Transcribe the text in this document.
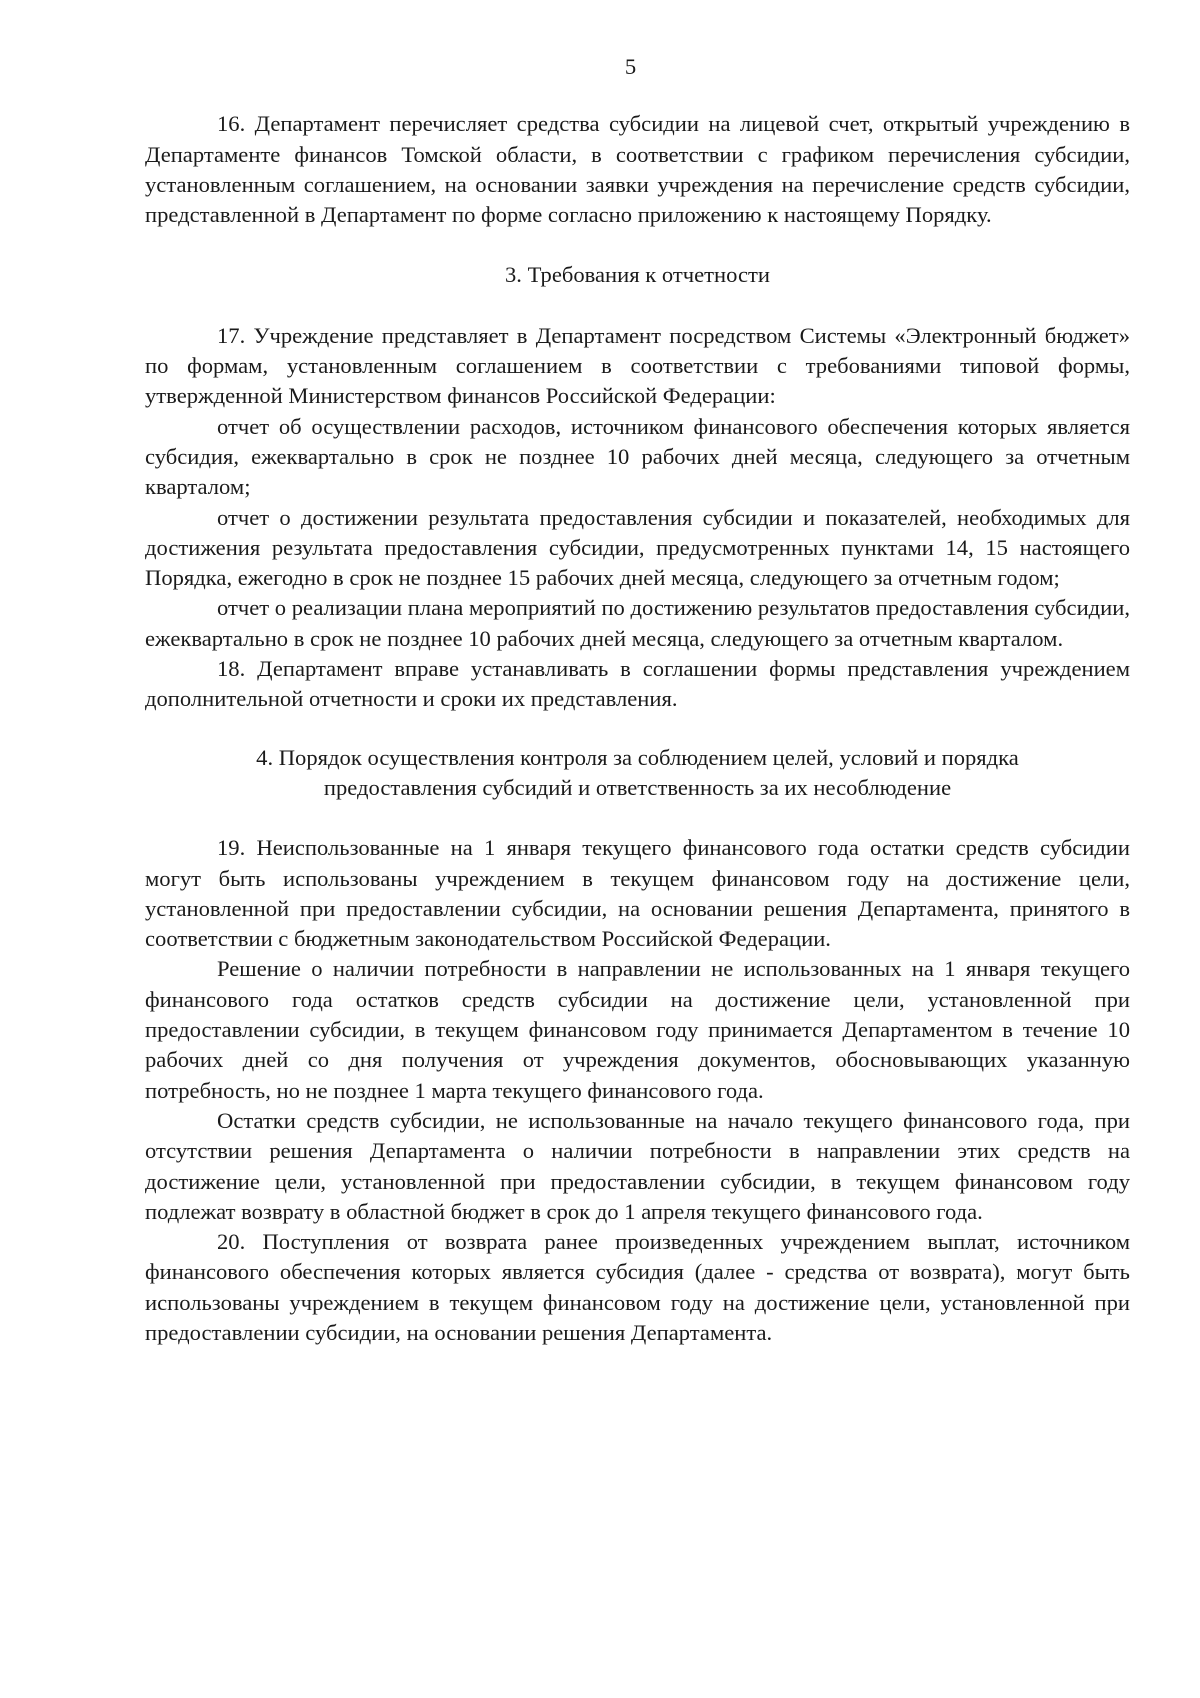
5

16. Департамент перечисляет средства субсидии на лицевой счет, открытый учреждению в Департаменте финансов Томской области, в соответствии с графиком перечисления субсидии, установленным соглашением, на основании заявки учреждения на перечисление средств субсидии, представленной в Департамент по форме согласно приложению к настоящему Порядку.

3. Требования к отчетности

17. Учреждение представляет в Департамент посредством Системы «Электронный бюджет» по формам, установленным соглашением в соответствии с требованиями типовой формы, утвержденной Министерством финансов Российской Федерации:

отчет об осуществлении расходов, источником финансового обеспечения которых является субсидия, ежеквартально в срок не позднее 10 рабочих дней месяца, следующего за отчетным кварталом;

отчет о достижении результата предоставления субсидии и показателей, необходимых для достижения результата предоставления субсидии, предусмотренных пунктами 14, 15 настоящего Порядка, ежегодно в срок не позднее 15 рабочих дней месяца, следующего за отчетным годом;

отчет о реализации плана мероприятий по достижению результатов предоставления субсидии, ежеквартально в срок не позднее 10 рабочих дней месяца, следующего за отчетным кварталом.

18. Департамент вправе устанавливать в соглашении формы представления учреждением дополнительной отчетности и сроки их представления.

4. Порядок осуществления контроля за соблюдением целей, условий и порядка

предоставления субсидий и ответственность за их несоблюдение

19. Неиспользованные на 1 января текущего финансового года остатки средств субсидии могут быть использованы учреждением в текущем финансовом году на достижение цели, установленной при предоставлении субсидии, на основании решения Департамента, принятого в соответствии с бюджетным законодательством Российской Федерации.

Решение о наличии потребности в направлении не использованных на 1 января текущего финансового года остатков средств субсидии на достижение цели, установленной при предоставлении субсидии, в текущем финансовом году принимается Департаментом в течение 10 рабочих дней со дня получения от учреждения документов, обосновывающих указанную потребность, но не позднее 1 марта текущего финансового года.

Остатки средств субсидии, не использованные на начало текущего финансового года, при отсутствии решения Департамента о наличии потребности в направлении этих средств на достижение цели, установленной при предоставлении субсидии, в текущем финансовом году подлежат возврату в областной бюджет в срок до 1 апреля текущего финансового года.

20. Поступления от возврата ранее произведенных учреждением выплат, источником финансового обеспечения которых является субсидия (далее - средства от возврата), могут быть использованы учреждением в текущем финансовом году на достижение цели, установленной при предоставлении субсидии, на основании решения Департамента.
